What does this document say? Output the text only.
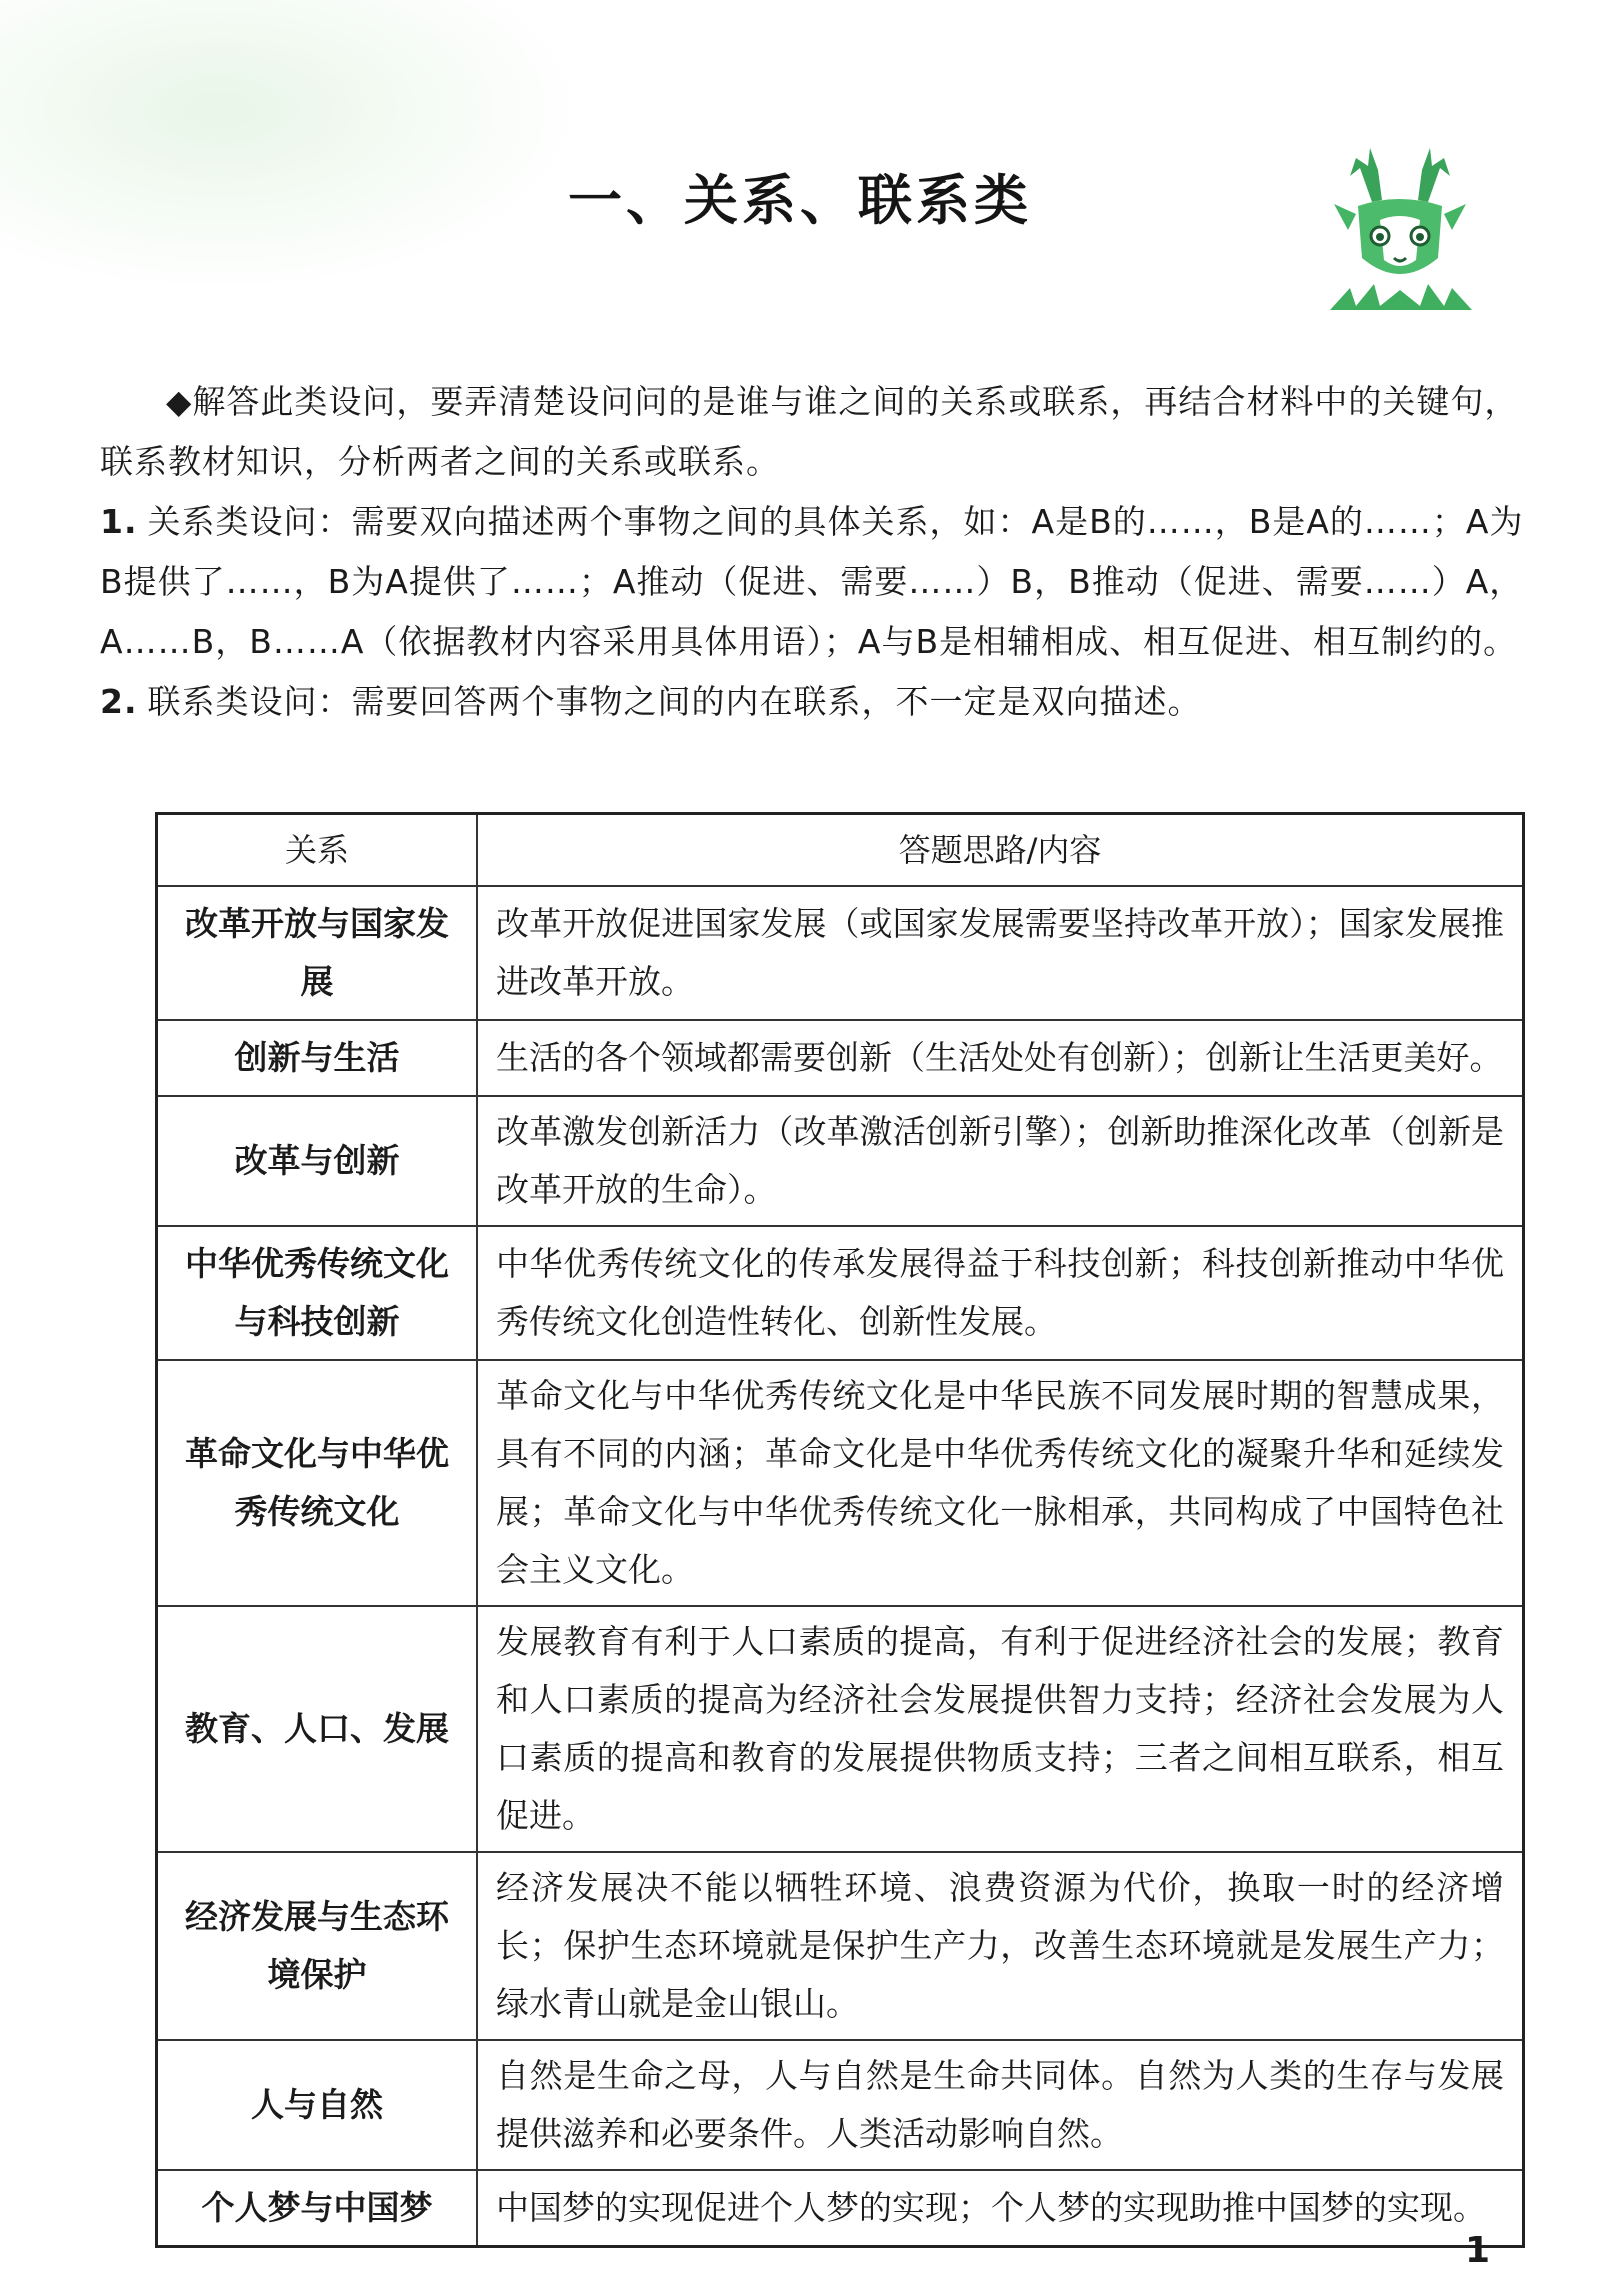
一、关系、联系类

◆解答此类设问，要弄清楚设问问的是谁与谁之间的关系或联系，再结合材料中的关键句，联系教材知识，分析两者之间的关系或联系。

1. 关系类设问：需要双向描述两个事物之间的具体关系，如：A是B的……，B是A的……；A为B提供了……，B为A提供了……；A推动（促进、需要……）B，B推动（促进、需要……）A，A……B，B……A（依据教材内容采用具体用语）；A与B是相辅相成、相互促进、相互制约的。

2. 联系类设问：需要回答两个事物之间的内在联系，不一定是双向描述。

关系	答题思路/内容
改革开放与国家发展	改革开放促进国家发展（或国家发展需要坚持改革开放）；国家发展推进改革开放。
创新与生活	生活的各个领域都需要创新（生活处处有创新）；创新让生活更美好。
改革与创新	改革激发创新活力（改革激活创新引擎）；创新助推深化改革（创新是改革开放的生命）。
中华优秀传统文化与科技创新	中华优秀传统文化的传承发展得益于科技创新；科技创新推动中华优秀传统文化创造性转化、创新性发展。
革命文化与中华优秀传统文化	革命文化与中华优秀传统文化是中华民族不同发展时期的智慧成果，具有不同的内涵；革命文化是中华优秀传统文化的凝聚升华和延续发展；革命文化与中华优秀传统文化一脉相承，共同构成了中国特色社会主义文化。
教育、人口、发展	发展教育有利于人口素质的提高，有利于促进经济社会的发展；教育和人口素质的提高为经济社会发展提供智力支持；经济社会发展为人口素质的提高和教育的发展提供物质支持；三者之间相互联系，相互促进。
经济发展与生态环境保护	经济发展决不能以牺牲环境、浪费资源为代价，换取一时的经济增长；保护生态环境就是保护生产力，改善生态环境就是发展生产力；绿水青山就是金山银山。
人与自然	自然是生命之母，人与自然是生命共同体。自然为人类的生存与发展提供滋养和必要条件。人类活动影响自然。
个人梦与中国梦	中国梦的实现促进个人梦的实现；个人梦的实现助推中国梦的实现。
1
